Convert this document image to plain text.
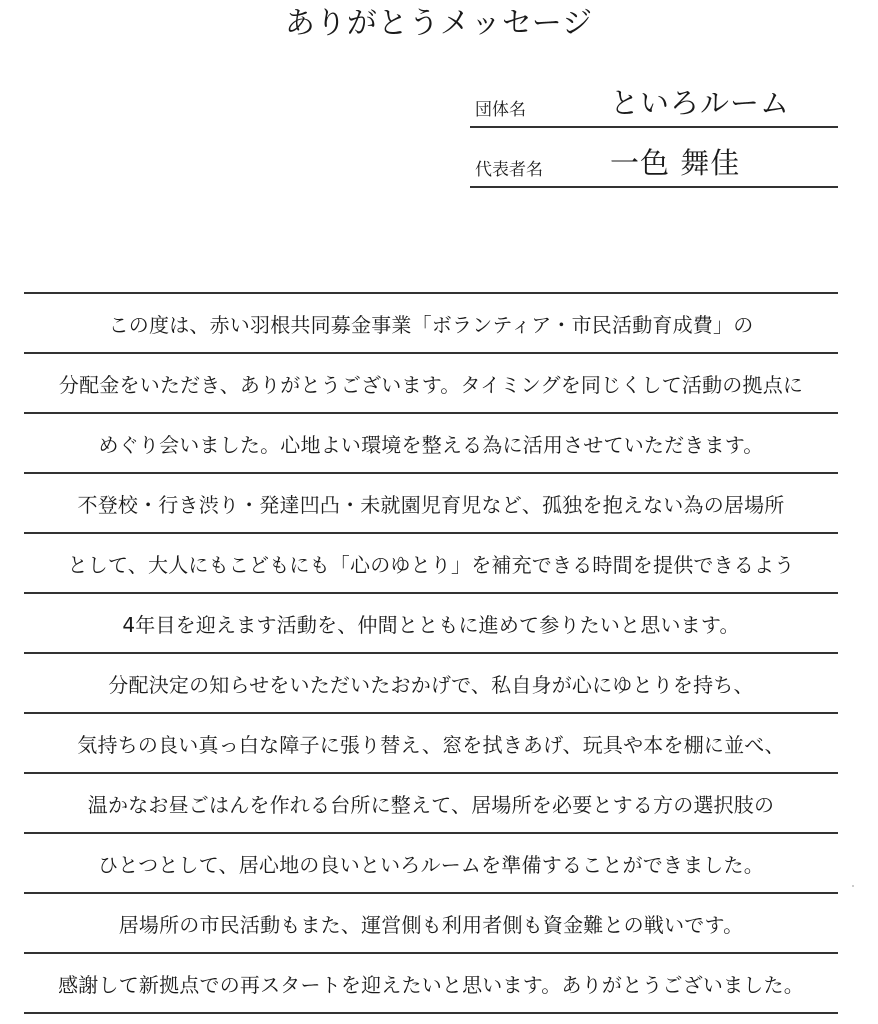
ありがとうメッセージ
団体名	といろルーム
代表者名 一色 舞佳
この度は、赤い羽根共同募金事業「ボランティア・市民活動育成費」の
分配金をいただき、ありがとうございます。タイミングを同じくして活動の拠点に
めぐり会いました。心地よい環境を整える為に活用させていただきます。
不登校・行き渋り・発達凹凸・未就園児育児など、孤独を抱えない為の居場所
として、大人にもこどもにも「心のゆとり」を補充できる時間を提供できるよう
4年目を迎えます活動を、仲間とともに進めて参りたいと思います。
分配決定の知らせをいただいたおかげで、私自身が心にゆとりを持ち、
気持ちの良い真っ白な障子に張り替え、窓を拭きあげ、玩具や本を棚に並べ、
温かなお昼ごはんを作れる台所に整えて、居場所を必要とする方の選択肢の
ひとつとして、居心地の良いといろルームを準備することができました。
居場所の市民活動もまた、運営側も利用者側も資金難との戦いです。
感謝して新拠点での再スタートを迎えたいと思います。ありがとうございました。
